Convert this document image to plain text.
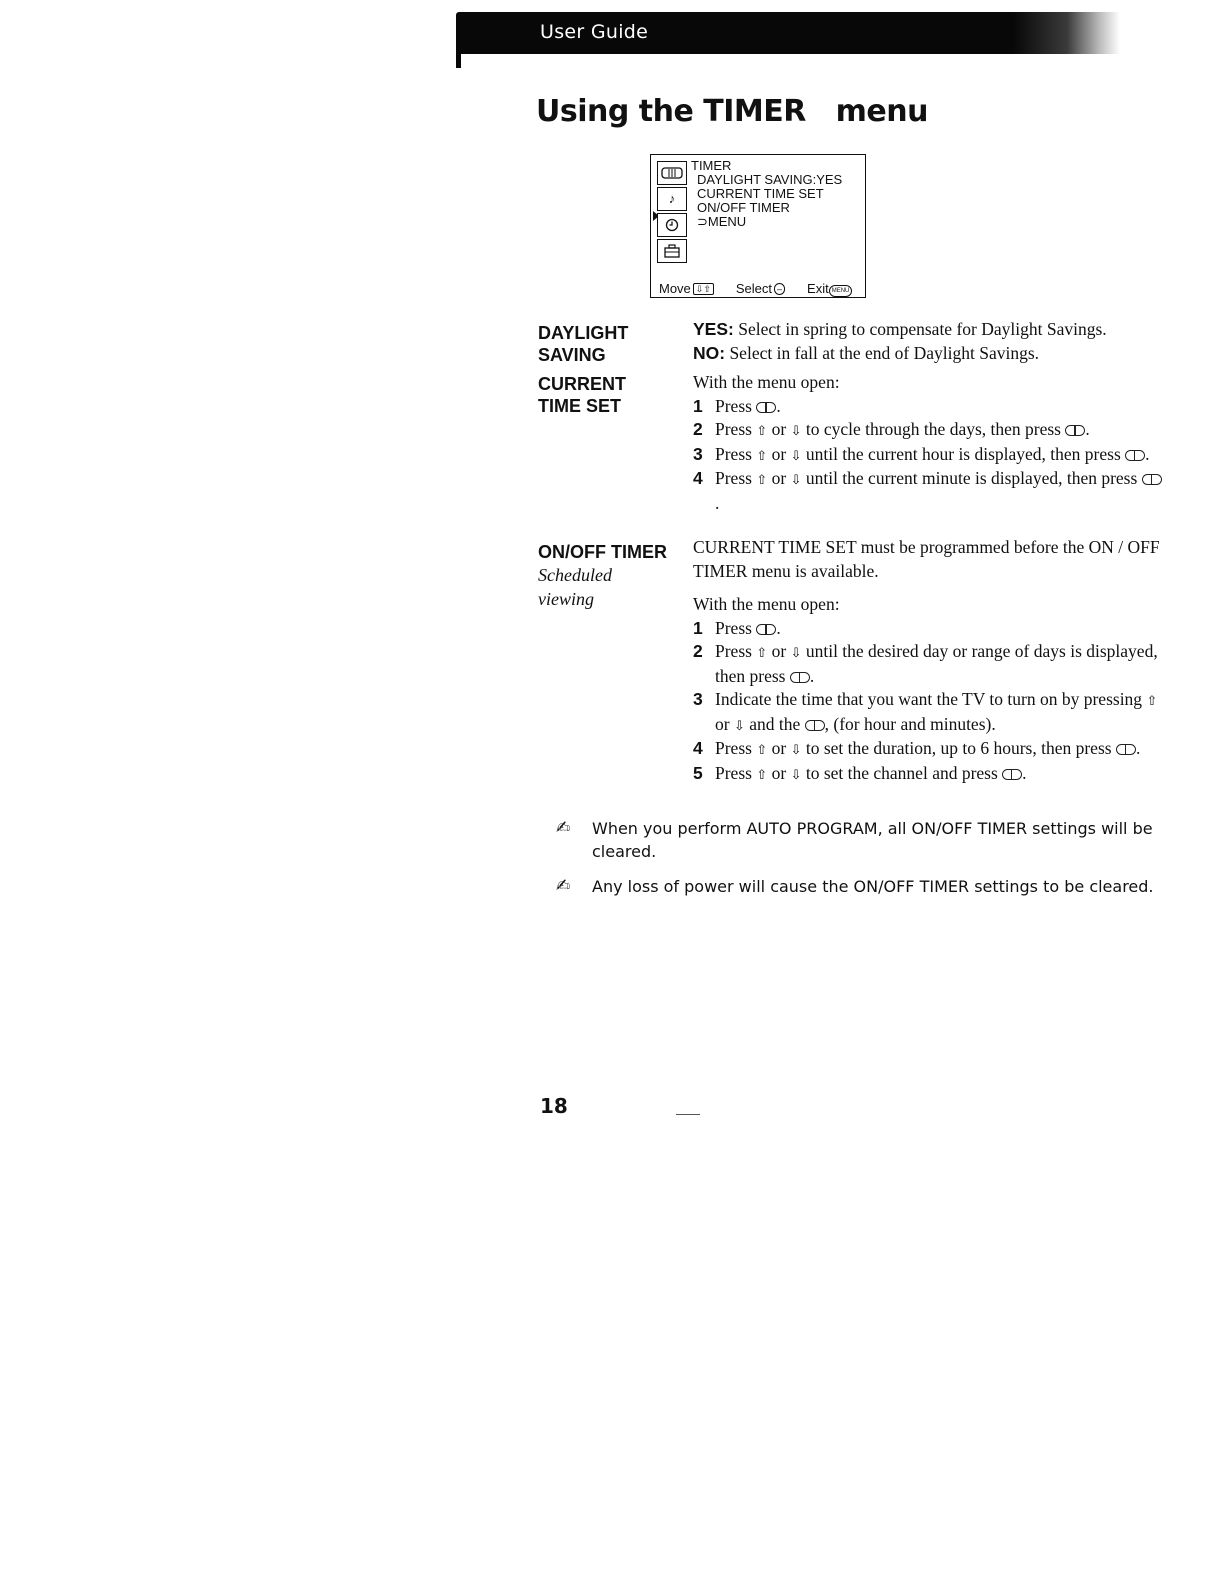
User Guide
Using the TIMER   menu
♪
TIMER
DAYLIGHT SAVING:YES
CURRENT TIME SET
ON/OFF TIMER
⊃MENU
Move ⇩⇧ Select – Exit MENU
DAYLIGHT
SAVING

YES: Select in spring to compensate for Daylight Savings.

NO: Select in fall at the end of Daylight Savings.

CURRENT
TIME SET

With the menu open:

1 Press .
2 Press ⇧ or ⇩ to cycle through the days, then press .
3 Press ⇧ or ⇩ until the current hour is displayed, then press .
4 Press ⇧ or ⇩ until the current minute is displayed, then press .
ON/OFF TIMER
Scheduled
viewing

CURRENT TIME SET must be programmed before the ON / OFF TIMER menu is available.

With the menu open:

1 Press .
2 Press ⇧ or ⇩ until the desired day or range of days is displayed, then press .
3 Indicate the time that you want the TV to turn on by pressing ⇧ or ⇩ and the , (for hour and minutes).
4 Press ⇧ or ⇩ to set the duration, up to 6 hours, then press .
5 Press ⇧ or ⇩ to set the channel and press .
✍ When you perform AUTO PROGRAM, all ON/OFF TIMER settings will be cleared.

✍ Any loss of power will cause the ON/OFF TIMER settings to be cleared.

18
